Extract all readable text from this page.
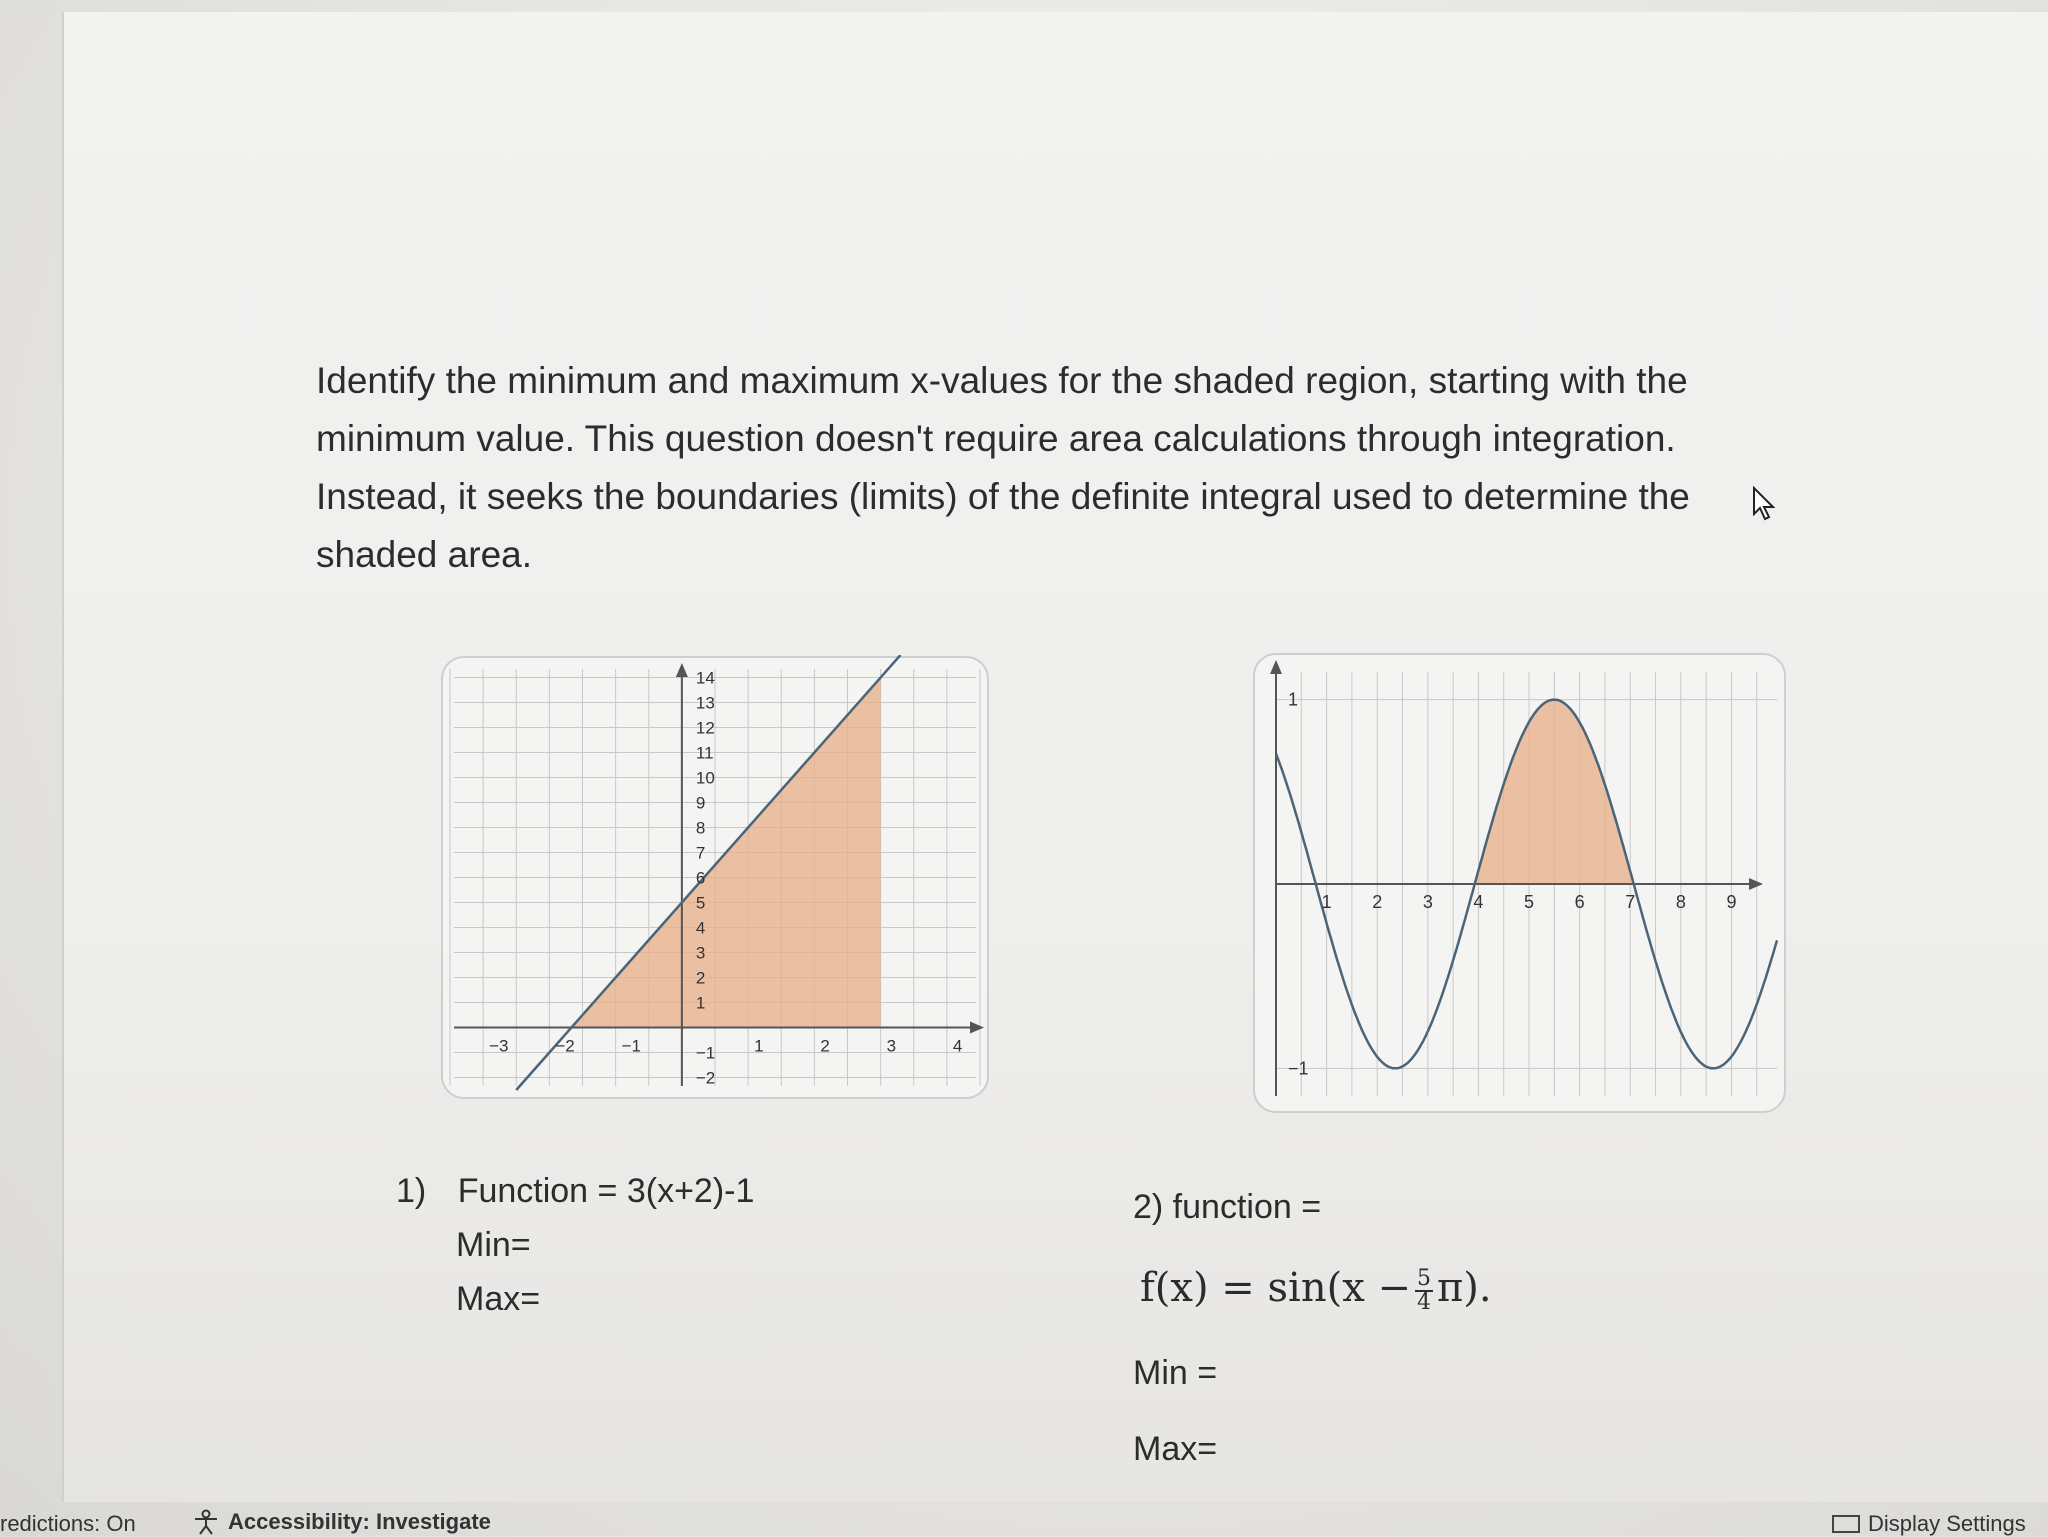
Identify the minimum and maximum x-values for the shaded region, starting with the minimum value. This question doesn't require area calculations through integration. Instead, it seeks the boundaries (limits) of the definite integral used to determine the shaded area.

−3	−2	−1	1	2	3	4
−2
−1
1
2
3
4
5
6
7
8
9
10
11
12
13
14
1 2 3 4 5 6 7 8 9
1
−1
1) Function = 3(x+2)-1
Min=
Max=
2) function =
$f(x) = \sin(x - \frac{5}{4} \pi)$.
Min =
Max=
redictions: On	Accessibility: Investigate	Display Settings
